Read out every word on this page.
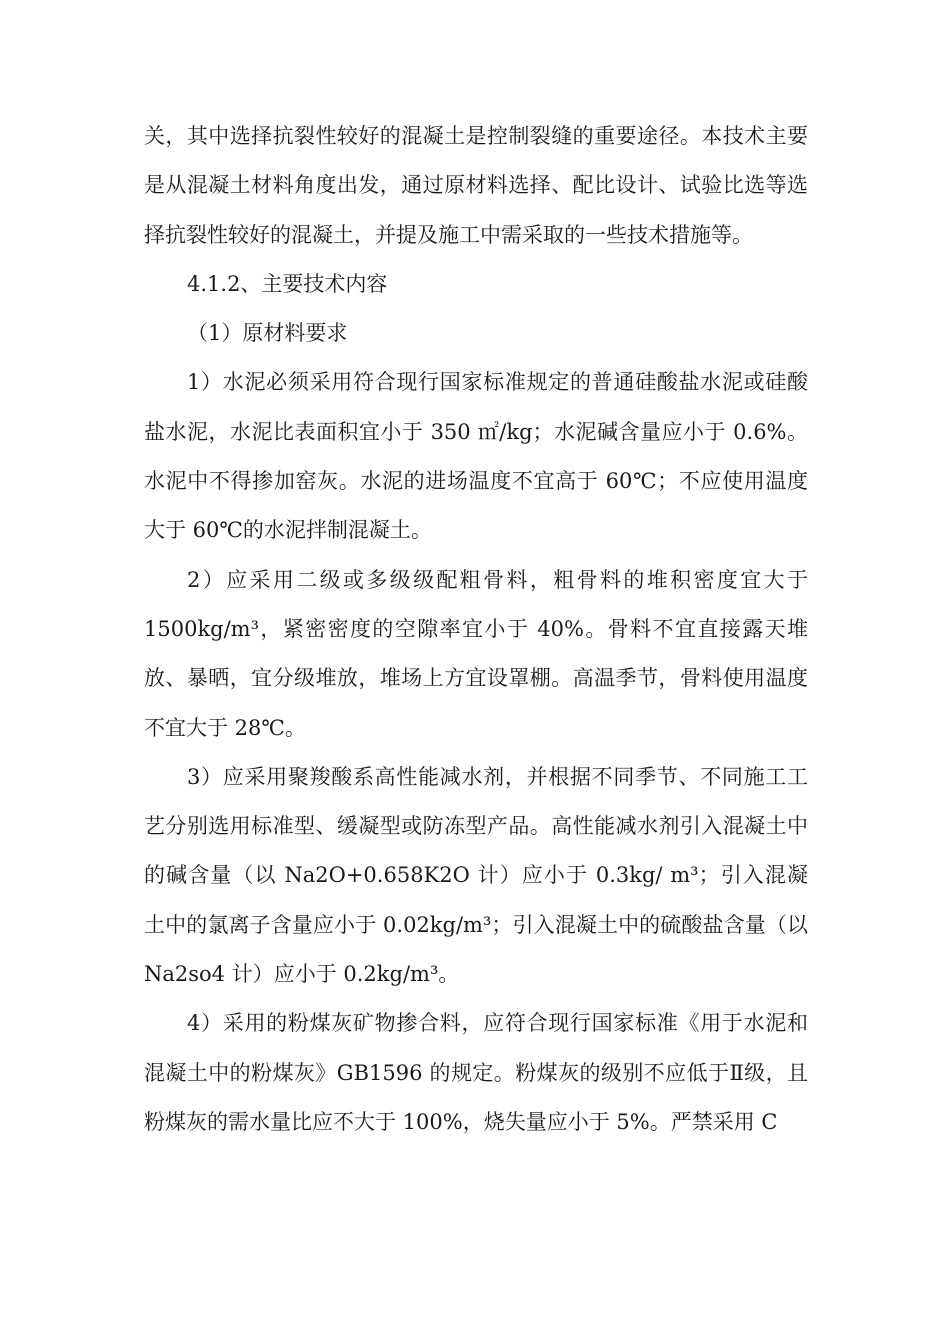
关，其中选择抗裂性较好的混凝土是控制裂缝的重要途径。本技术主要是从混凝土材料角度出发，通过原材料选择、配比设计、试验比选等选择抗裂性较好的混凝土，并提及施工中需采取的一些技术措施等。

4.1.2、主要技术内容

（1）原材料要求

1）水泥必须采用符合现行国家标准规定的普通硅酸盐水泥或硅酸盐水泥，水泥比表面积宜小于 350 ㎡/kg；水泥碱含量应小于 0.6%。水泥中不得掺加窑灰。水泥的进场温度不宜高于 60℃；不应使用温度大于 60℃的水泥拌制混凝土。

2）应采用二级或多级级配粗骨料，粗骨料的堆积密度宜大于 1500kg/m³，紧密密度的空隙率宜小于 40%。骨料不宜直接露天堆放、暴晒，宜分级堆放，堆场上方宜设罩棚。高温季节，骨料使用温度不宜大于 28℃。

3）应采用聚羧酸系高性能减水剂，并根据不同季节、不同施工工艺分别选用标准型、缓凝型或防冻型产品。高性能减水剂引入混凝土中的碱含量（以 Na2O+0.658K2O 计）应小于 0.3kg/ m³；引入混凝土中的氯离子含量应小于 0.02kg/m³；引入混凝土中的硫酸盐含量（以 Na2so4 计）应小于 0.2kg/m³。

4）采用的粉煤灰矿物掺合料，应符合现行国家标准《用于水泥和混凝土中的粉煤灰》GB1596 的规定。粉煤灰的级别不应低于Ⅱ级，且粉煤灰的需水量比应不大于 100%，烧失量应小于 5%。严禁采用 C
